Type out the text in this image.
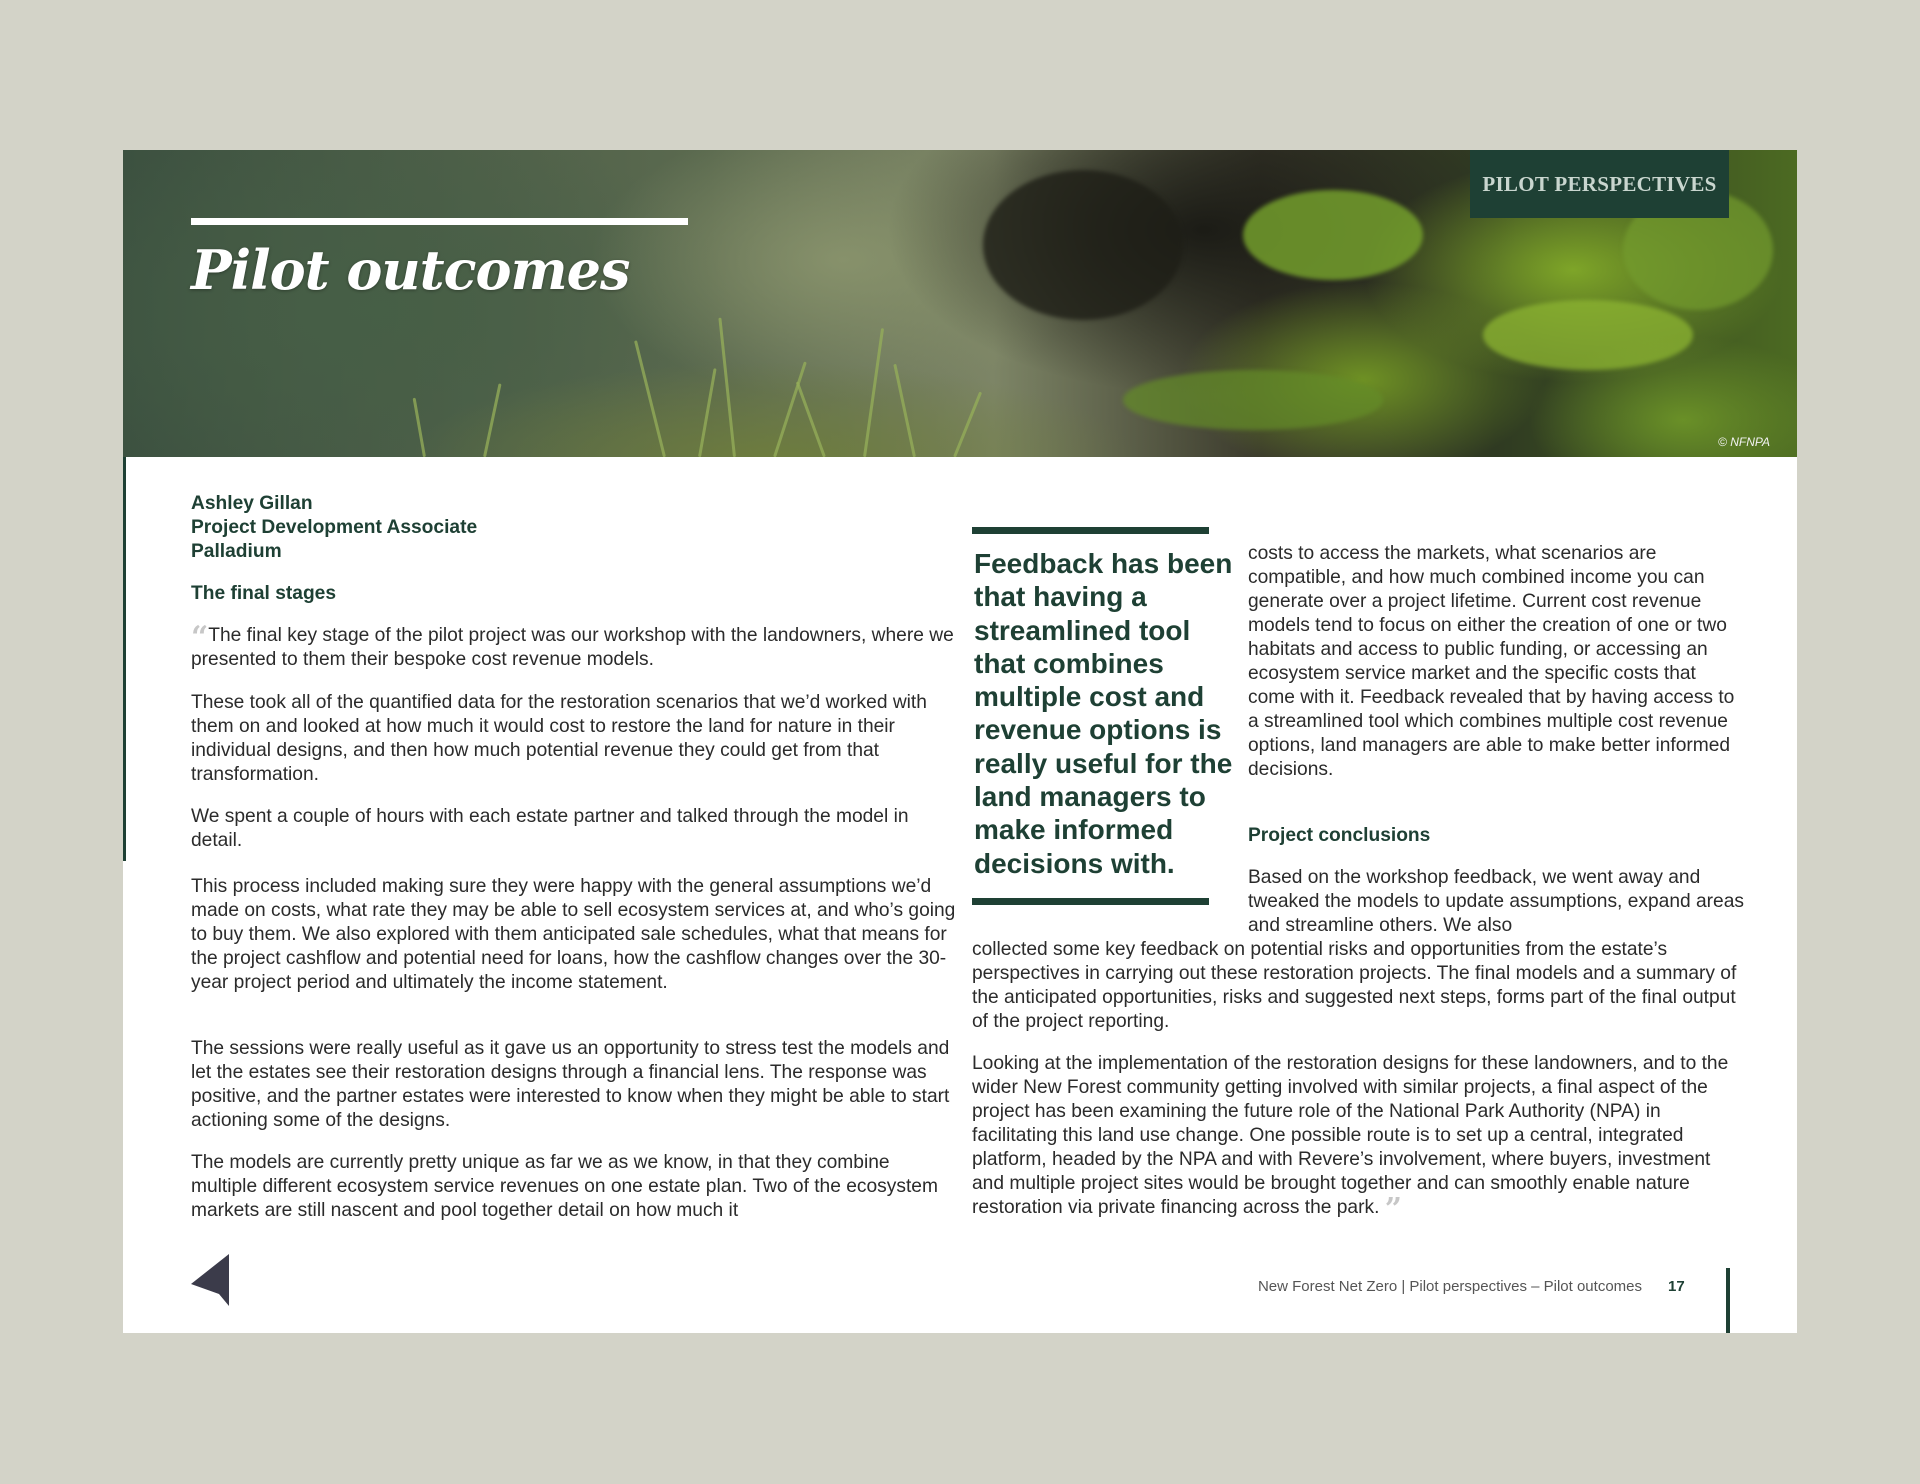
Pilot outcomes
PILOT PERSPECTIVES
© NFNPA
Ashley Gillan
Project Development Associate
Palladium

The final stages

“The final key stage of the pilot project was our workshop with the landowners, where we presented to them their bespoke cost revenue models.

These took all of the quantified data for the restoration scenarios that we’d worked with them on and looked at how much it would cost to restore the land for nature in their individual designs, and then how much potential revenue they could get from that transformation.

We spent a couple of hours with each estate partner and talked through the model in detail.

This process included making sure they were happy with the general assumptions we’d made on costs, what rate they may be able to sell ecosystem services at, and who’s going to buy them. We also explored with them anticipated sale schedules, what that means for the project cashflow and potential need for loans, how the cashflow changes over the 30-year project period and ultimately the income statement.

The sessions were really useful as it gave us an opportunity to stress test the models and let the estates see their restoration designs through a financial lens. The response was positive, and the partner estates were interested to know when they might be able to start actioning some of the designs.

The models are currently pretty unique as far we as we know, in that they combine multiple different ecosystem service revenues on one estate plan. Two of the ecosystem markets are still nascent and pool together detail on how much it

Feedback has been that having a streamlined tool that combines multiple cost and revenue options is really useful for the land managers to make informed decisions with.

costs to access the markets, what scenarios are compatible, and how much combined income you can generate over a project lifetime. Current cost revenue models tend to focus on either the creation of one or two habitats and access to public funding, or accessing an ecosystem service market and the specific costs that come with it. Feedback revealed that by having access to a streamlined tool which combines multiple cost revenue options, land managers are able to make better informed decisions.

Project conclusions

Based on the workshop feedback, we went away and tweaked the models to update assumptions, expand areas and streamline others. We also

collected some key feedback on potential risks and opportunities from the estate’s perspectives in carrying out these restoration projects. The final models and a summary of the anticipated opportunities, risks and suggested next steps, forms part of the final output of the project reporting.

Looking at the implementation of the restoration designs for these landowners, and to the wider New Forest community getting involved with similar projects, a final aspect of the project has been examining the future role of the National Park Authority (NPA) in facilitating this land use change. One possible route is to set up a central, integrated platform, headed by the NPA and with Revere’s involvement, where buyers, investment and multiple project sites would be brought together and can smoothly enable nature restoration via private financing across the park. ”

New Forest Net Zero | Pilot perspectives – Pilot outcomes 17
